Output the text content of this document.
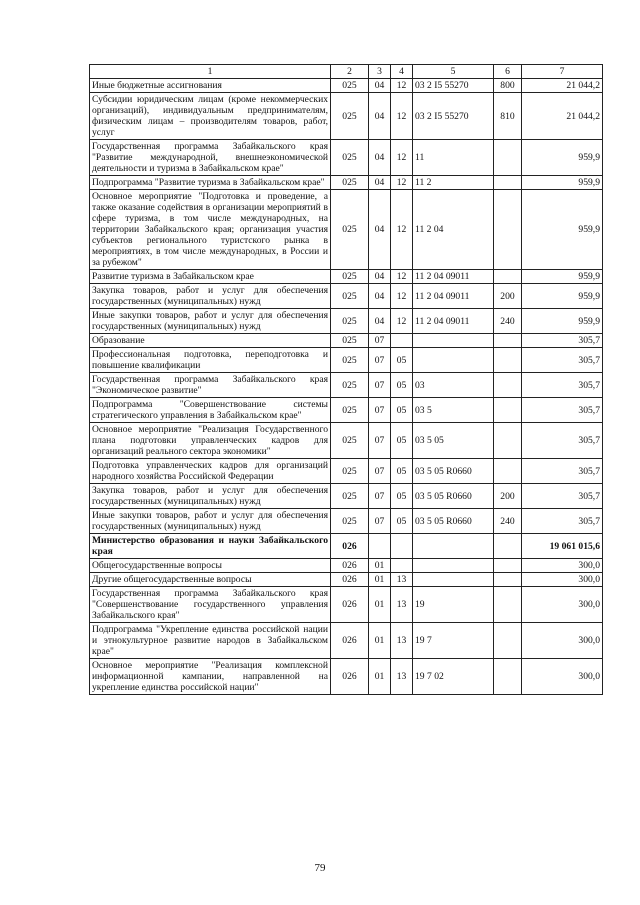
1	2	3	4	5	6	7
Иные бюджетные ассигнования	025	04	12	03 2 I5 55270	800	21 044,2
Субсидии юридическим лицам (кроме некоммерческих организаций), индивидуальным предпринимателям, физическим лицам – производителям товаров, работ, услуг	025	04	12	03 2 I5 55270	810	21 044,2
Государственная программа Забайкальского края "Развитие международной, внешнеэкономической деятельности и туризма в Забайкальском крае"	025	04	12	11		959,9
Подпрограмма "Развитие туризма в Забайкальском крае"	025	04	12	11 2		959,9
Основное мероприятие "Подготовка и проведение, а также оказание содействия в организации мероприятий в сфере туризма, в том числе международных, на территории Забайкальского края; организация участия субъектов регионального туристского рынка в мероприятиях, в том числе международных, в России и за рубежом"	025	04	12	11 2 04		959,9
Развитие туризма в Забайкальском крае	025	04	12	11 2 04 09011		959,9
Закупка товаров, работ и услуг для обеспечения государственных (муниципальных) нужд	025	04	12	11 2 04 09011	200	959,9
Иные закупки товаров, работ и услуг для обеспечения государственных (муниципальных) нужд	025	04	12	11 2 04 09011	240	959,9
Образование	025	07				305,7
Профессиональная подготовка, переподготовка и повышение квалификации	025	07	05			305,7
Государственная программа Забайкальского края "Экономическое развитие"	025	07	05	03		305,7
Подпрограмма "Совершенствование системы стратегического управления в Забайкальском крае"	025	07	05	03 5		305,7
Основное мероприятие "Реализация Государственного плана подготовки управленческих кадров для организаций реального сектора экономики"	025	07	05	03 5 05		305,7
Подготовка управленческих кадров для организаций народного хозяйства Российской Федерации	025	07	05	03 5 05 R0660		305,7
Закупка товаров, работ и услуг для обеспечения государственных (муниципальных) нужд	025	07	05	03 5 05 R0660	200	305,7
Иные закупки товаров, работ и услуг для обеспечения государственных (муниципальных) нужд	025	07	05	03 5 05 R0660	240	305,7
Министерство образования и науки Забайкальского края	026					19 061 015,6
Общегосударственные вопросы	026	01				300,0
Другие общегосударственные вопросы	026	01	13			300,0
Государственная программа Забайкальского края "Совершенствование государственного управления Забайкальского края"	026	01	13	19		300,0
Подпрограмма "Укрепление единства российской нации и этнокультурное развитие народов в Забайкальском крае"	026	01	13	19 7		300,0
Основное мероприятие "Реализация комплексной информационной кампании, направленной на укрепление единства российской нации"	026	01	13	19 7 02		300,0
79
